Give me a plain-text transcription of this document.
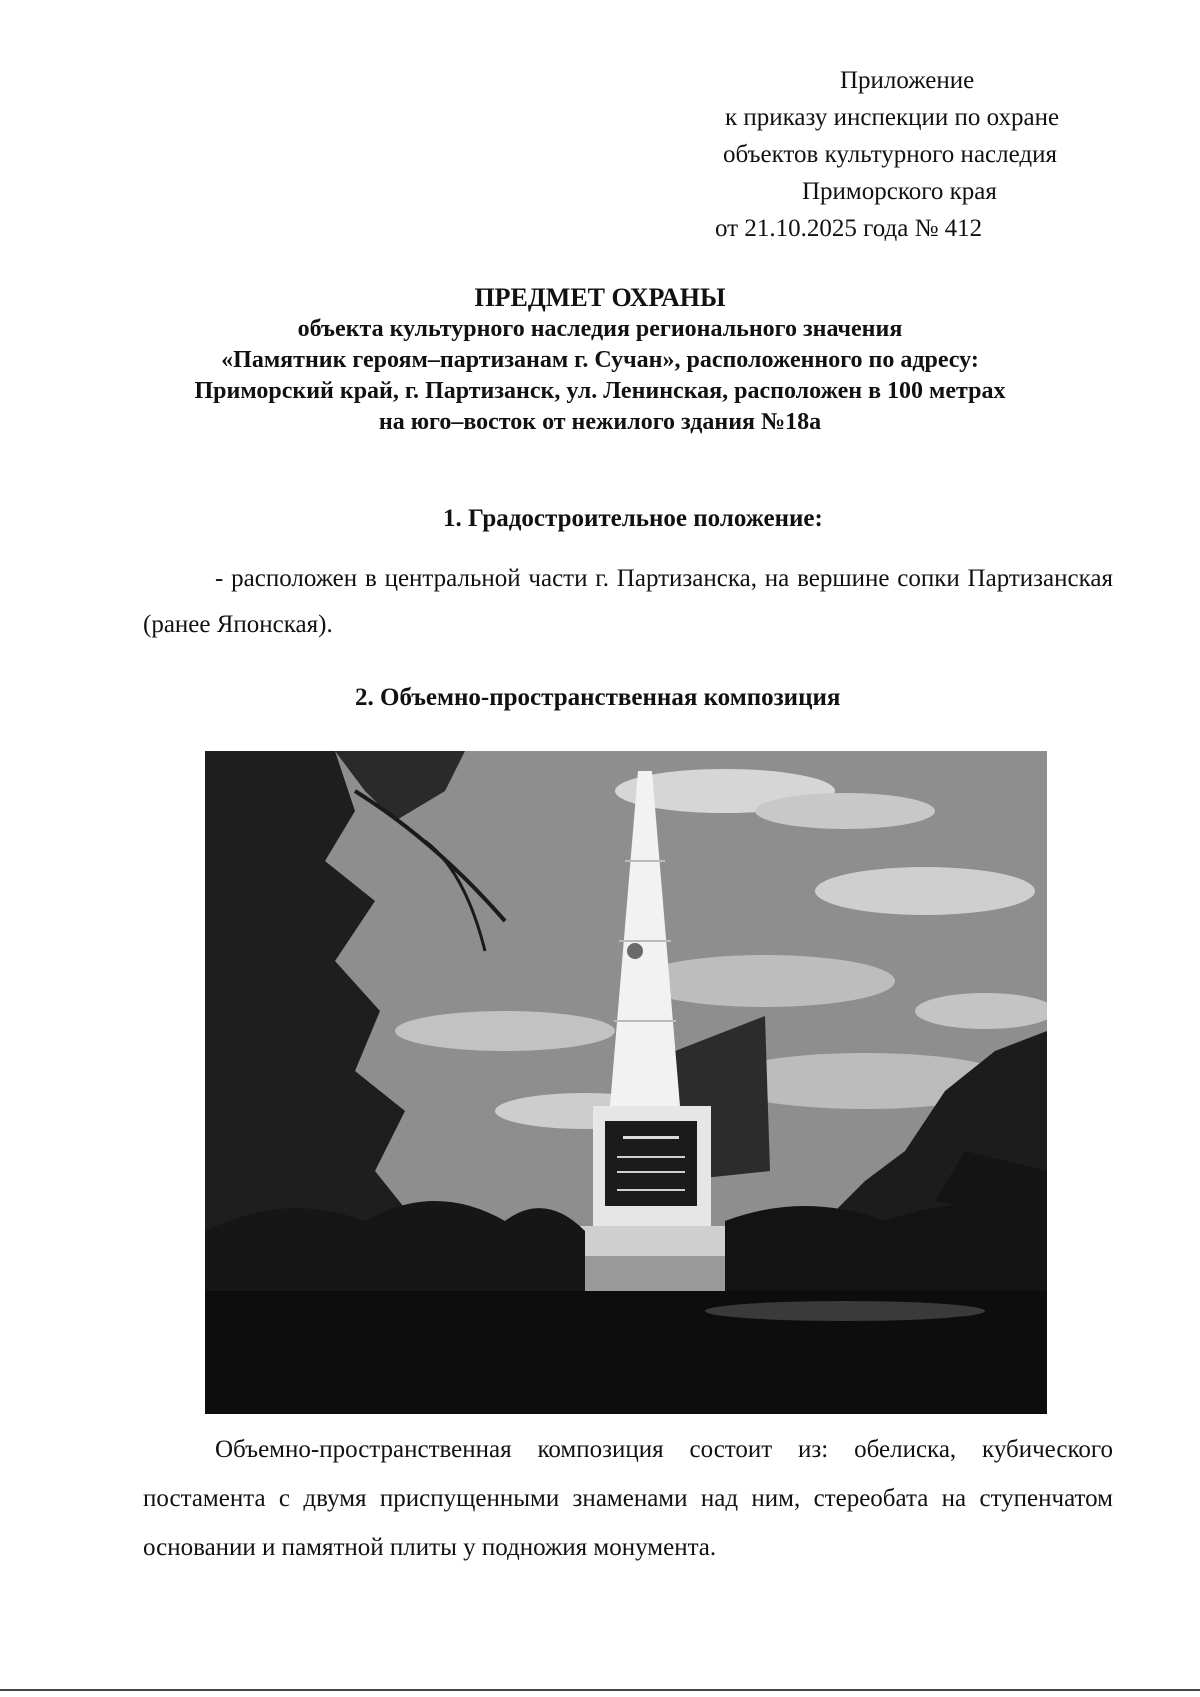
Приложение
к приказу инспекции по охране
объектов культурного наследия
Приморского края
от 21.10.2025 года № 412
ПРЕДМЕТ ОХРАНЫ
объекта культурного наследия регионального значения
«Памятник героям–партизанам г. Сучан», расположенного по адресу:
Приморский край, г. Партизанск, ул. Ленинская, расположен в 100 метрах
на юго–восток от нежилого здания №18а
1. Градостроительное положение:
- расположен в центральной части г. Партизанска, на вершине сопки Партизанская (ранее Японская).
2. Объемно-пространственная композиция
Объемно-пространственная композиция состоит из: обелиска, кубического постамента с двумя приспущенными знаменами над ним, стереобата на ступенчатом основании и памятной плиты у подножия монумента.
